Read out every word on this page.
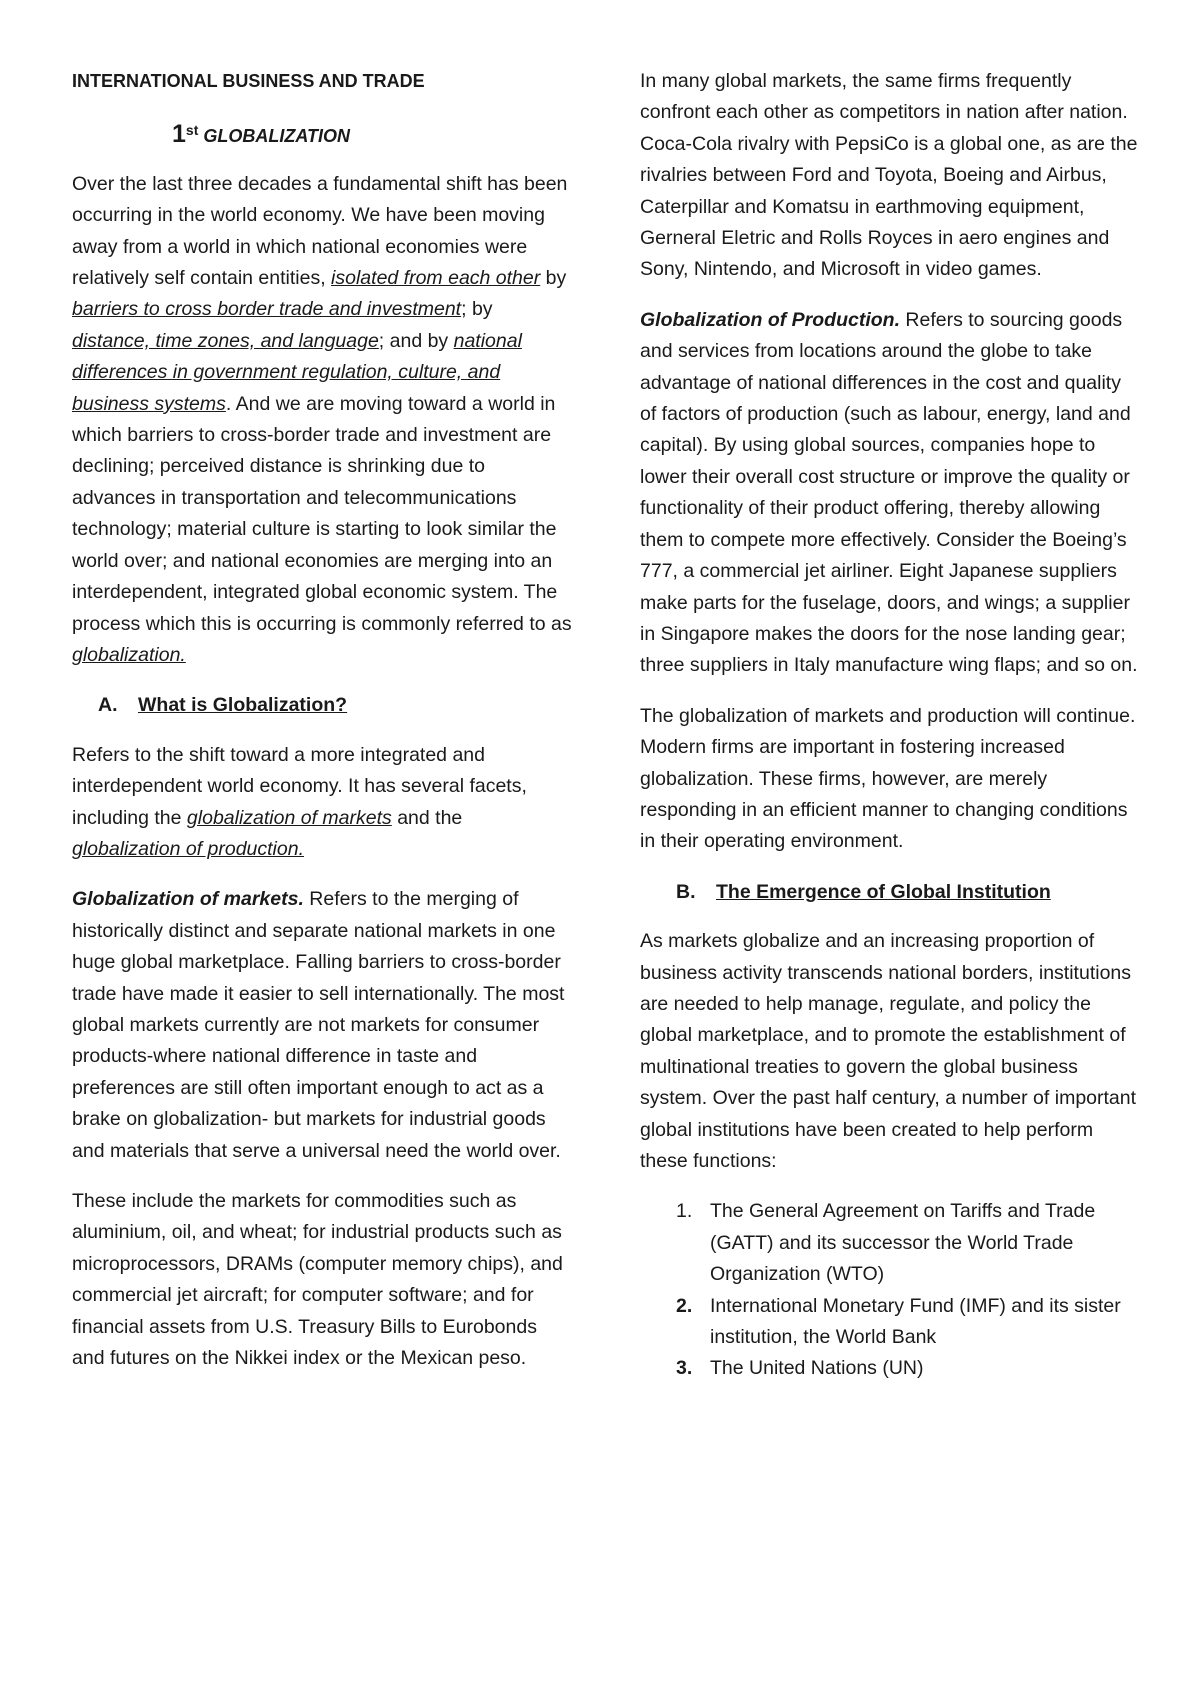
INTERNATIONAL BUSINESS AND TRADE
1st GLOBALIZATION

Over the last three decades a fundamental shift has been occurring in the world economy. We have been moving away from a world in which national economies were relatively self contain entities, isolated from each other by barriers to cross border trade and investment; by distance, time zones, and language; and by national differences in government regulation, culture, and business systems. And we are moving toward a world in which barriers to cross-border trade and investment are declining; perceived distance is shrinking due to advances in transportation and telecommunications technology; material culture is starting to look similar the world over; and national economies are merging into an interdependent, integrated global economic system. The process which this is occurring is commonly referred to as globalization.

A. What is Globalization?

Refers to the shift toward a more integrated and interdependent world economy. It has several facets, including the globalization of markets and the globalization of production.

Globalization of markets. Refers to the merging of historically distinct and separate national markets in one huge global marketplace. Falling barriers to cross-border trade have made it easier to sell internationally. The most global markets currently are not markets for consumer products-where national difference in taste and preferences are still often important enough to act as a brake on globalization- but markets for industrial goods and materials that serve a universal need the world over.

These include the markets for commodities such as aluminium, oil, and wheat; for industrial products such as microprocessors, DRAMs (computer memory chips), and commercial jet aircraft; for computer software; and for financial assets from U.S. Treasury Bills to Eurobonds and futures on the Nikkei index or the Mexican peso.

In many global markets, the same firms frequently confront each other as competitors in nation after nation. Coca-Cola rivalry with PepsiCo is a global one, as are the rivalries between Ford and Toyota, Boeing and Airbus, Caterpillar and Komatsu in earthmoving equipment, Gerneral Eletric and Rolls Royces in aero engines and Sony, Nintendo, and Microsoft in video games.

Globalization of Production. Refers to sourcing goods and services from locations around the globe to take advantage of national differences in the cost and quality of factors of production (such as labour, energy, land and capital). By using global sources, companies hope to lower their overall cost structure or improve the quality or functionality of their product offering, thereby allowing them to compete more effectively. Consider the Boeing’s 777, a commercial jet airliner. Eight Japanese suppliers make parts for the fuselage, doors, and wings; a supplier in Singapore makes the doors for the nose landing gear; three suppliers in Italy manufacture wing flaps; and so on.

The globalization of markets and production will continue. Modern firms are important in fostering increased globalization. These firms, however, are merely responding in an efficient manner to changing conditions in their operating environment.

B. The Emergence of Global Institution

As markets globalize and an increasing proportion of business activity transcends national borders, institutions are needed to help manage, regulate, and policy the global marketplace, and to promote the establishment of multinational treaties to govern the global business system. Over the past half century, a number of important global institutions have been created to help perform these functions:

1. The General Agreement on Tariffs and Trade (GATT) and its successor the World Trade Organization (WTO)
2. International Monetary Fund (IMF) and its sister institution, the World Bank
3. The United Nations (UN)
